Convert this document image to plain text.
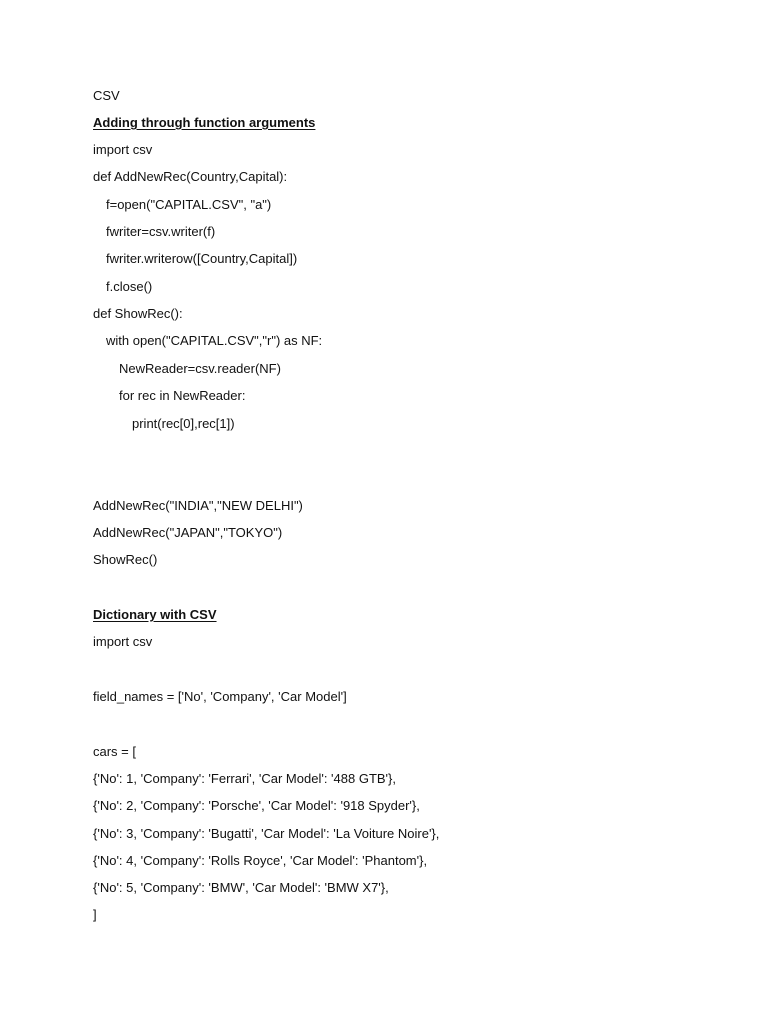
CSV
Adding through function arguments
import csv
def AddNewRec(Country,Capital):
f=open("CAPITAL.CSV", "a")
fwriter=csv.writer(f)
fwriter.writerow([Country,Capital])
f.close()
def ShowRec():
with open("CAPITAL.CSV","r") as NF:
NewReader=csv.reader(NF)
for rec in NewReader:
print(rec[0],rec[1])
AddNewRec("INDIA","NEW DELHI")
AddNewRec("JAPAN","TOKYO")
ShowRec()
Dictionary with CSV
import csv
field_names = ['No', 'Company', 'Car Model']
cars = [
{'No': 1, 'Company': 'Ferrari', 'Car Model': '488 GTB'},
{'No': 2, 'Company': 'Porsche', 'Car Model': '918 Spyder'},
{'No': 3, 'Company': 'Bugatti', 'Car Model': 'La Voiture Noire'},
{'No': 4, 'Company': 'Rolls Royce', 'Car Model': 'Phantom'},
{'No': 5, 'Company': 'BMW', 'Car Model': 'BMW X7'},
]
